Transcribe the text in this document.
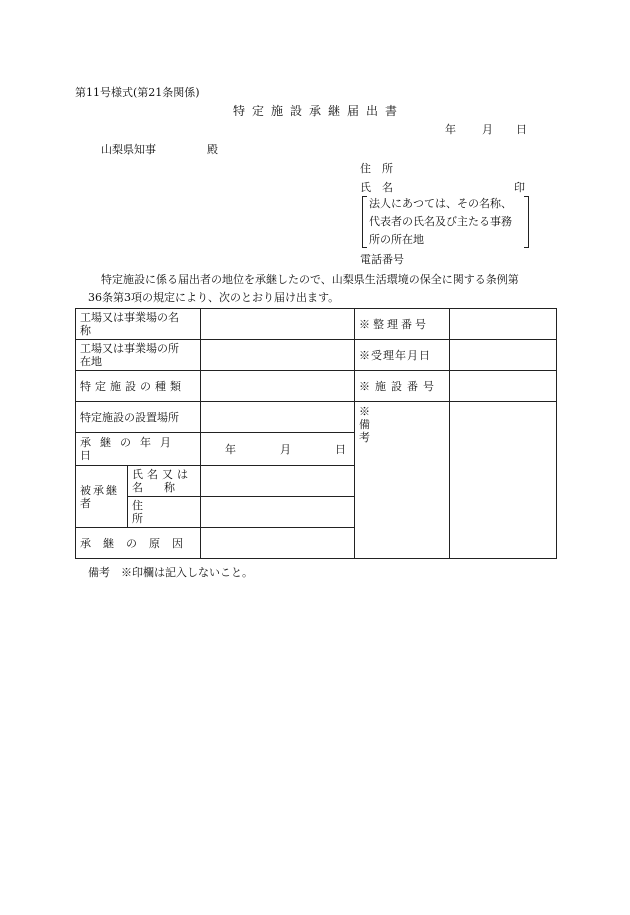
第11号様式(第21条関係)
特定施設承継届出書
年 月 日
山梨県知事	殿
住　所
氏　名	印
法人にあつては、その名称、
代表者の氏名及び主たる事務
所の所在地
電話番号
特定施設に係る届出者の地位を承継したので、山梨県生活環境の保全に関する条例第
36条第3項の規定により、次のとおり届け出ます。
工場又は事業場の名
称			※整理番号	

工場又は事業場の所
在地			※受理年月日	
特定施設の種類			※施設番号	
特定施設の設置場所			※備考	

承継の年月日		年 月 日		

被承継者	氏名又は
名称			

	住所			
承継の原因				
備考　※印欄は記入しないこと。
